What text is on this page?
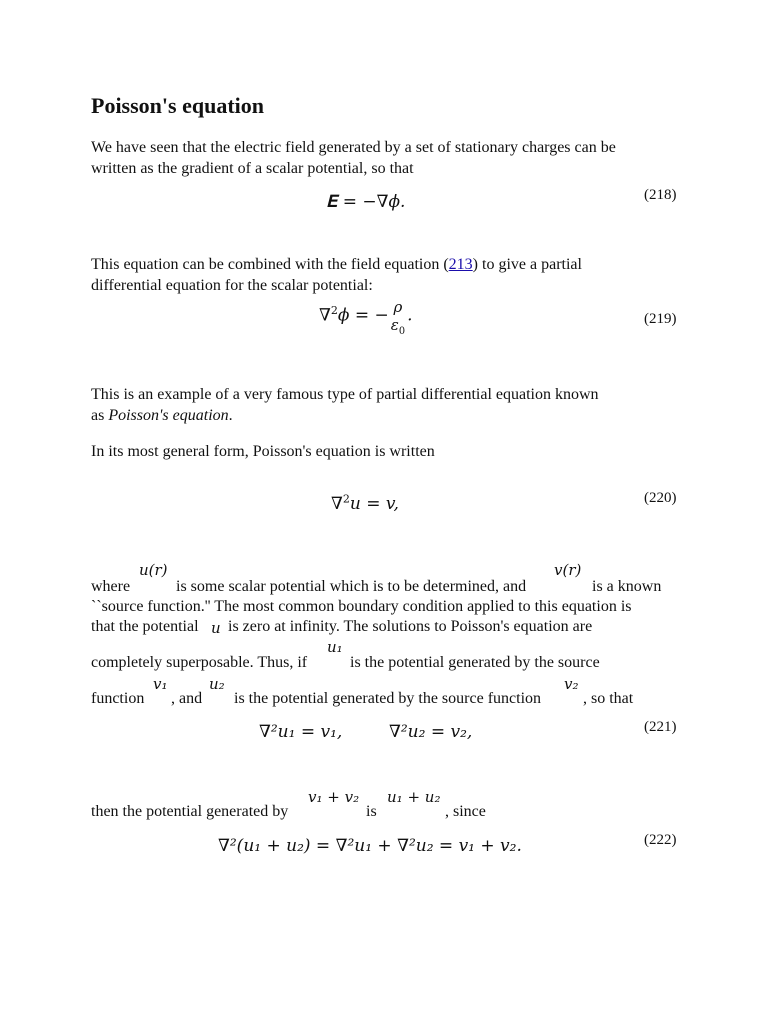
Poisson's equation
We have seen that the electric field generated by a set of stationary charges can be
written as the gradient of a scalar potential, so that
𝐄 = −∇ϕ.	(218)
This equation can be combined with the field equation (213) to give a partial
differential equation for the scalar potential:
∇$^2$ϕ = − ρ
$\varepsilon_0$
.	(219)
This is an example of a very famous type of partial differential equation known
as Poisson's equation.
In its most general form, Poisson's equation is written
∇$^2$u = v,	(220)
where
u(r)
is some scalar potential which is to be determined, and
v(r)
is a known
``source function.'' The most common boundary condition applied to this equation is
that the potential u is zero at infinity. The solutions to Poisson's equation are
completely superposable. Thus, if
u₁
is the potential generated by the source
function
v₁
, and
u₂
is the potential generated by the source function
v₂
, so that
∇²u₁ = v₁,	∇²u₂ = v₂,	(221)
then the potential generated by
v₁ + v₂
is
u₁ + u₂
, since
∇²(u₁ + u₂) = ∇²u₁ + ∇²u₂ = v₁ + v₂.	(222)
